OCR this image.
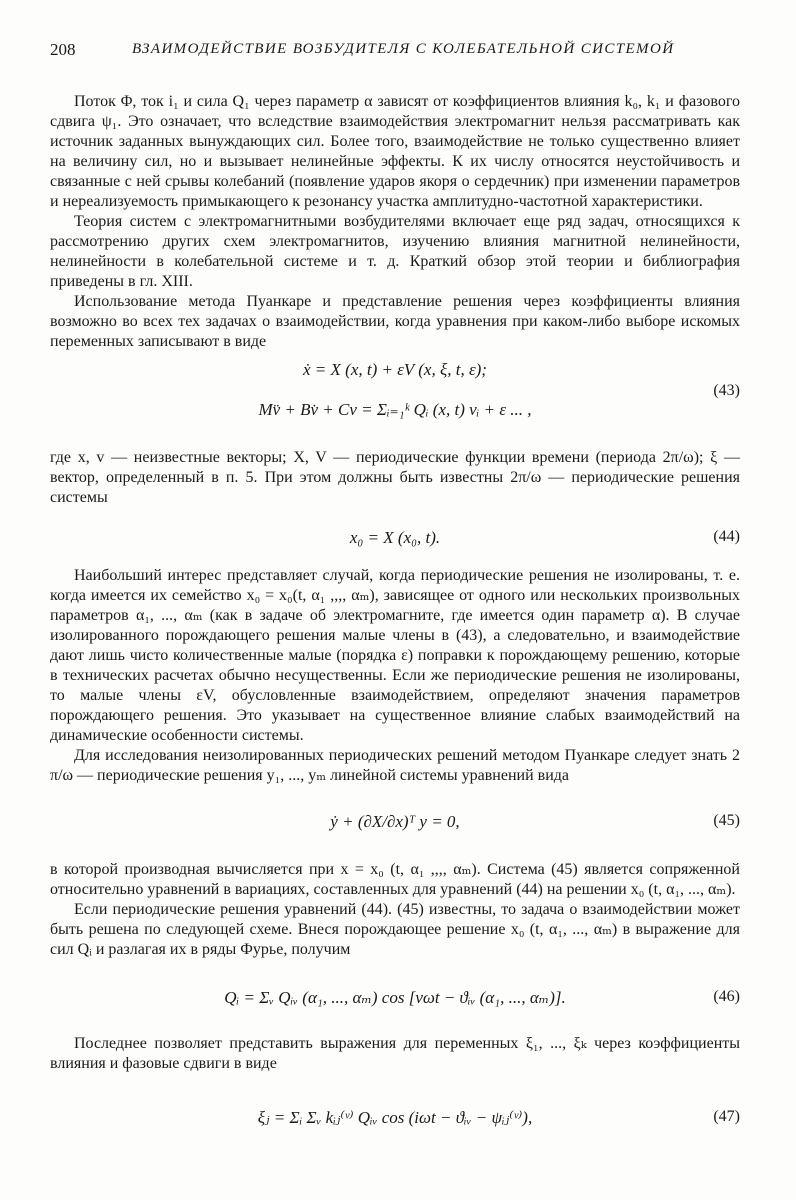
208	ВЗАИМОДЕЙСТВИЕ ВОЗБУДИТЕЛЯ С КОЛЕБАТЕЛЬНОЙ СИСТЕМОЙ

Поток Φ, ток i₁ и сила Q₁ через параметр α зависят от коэффициентов влияния k₀, k₁ и фазового сдвига ψ₁. Это означает, что вследствие взаимодействия электромагнит нельзя рассматривать как источник заданных вынуждающих сил. Более того, взаимодействие не только существенно влияет на величину сил, но и вызывает нелинейные эффекты. К их числу относятся неустойчивость и связанные с ней срывы колебаний (появление ударов якоря о сердечник) при изменении параметров и нереализуемость примыкающего к резонансу участка амплитудно-частотной характеристики.

Теория систем с электромагнитными возбудителями включает еще ряд задач, относящихся к рассмотрению других схем электромагнитов, изучению влияния магнитной нелинейности, нелинейности в колебательной системе и т. д. Краткий обзор этой теории и библиография приведены в гл. XIII.

Использование метода Пуанкаре и представление решения через коэффициенты влияния возможно во всех тех задачах о взаимодействии, когда уравнения при каком-либо выборе искомых переменных записывают в виде

ẋ = X (x, t) + εV (x, ξ, t, ε);
Mv̈ + Bv̇ + Cv = Σᵢ₌₁ᵏ Qᵢ (x, t) vᵢ + ε ... ,
(43)

где x, v — неизвестные векторы; X, V — периодические функции времени (периода 2π/ω); ξ — вектор, определенный в п. 5. При этом должны быть известны 2π/ω — периодические решения системы

x₀ = X (x₀, t).	(44)

Наибольший интерес представляет случай, когда периодические решения не изолированы, т. е. когда имеется их семейство x₀ = x₀(t, α₁ ,,,, αₘ), зависящее от одного или нескольких произвольных параметров α₁, ..., αₘ (как в задаче об электромагните, где имеется один параметр α). В случае изолированного порождающего решения малые члены в (43), а следовательно, и взаимодействие дают лишь чисто количественные малые (порядка ε) поправки к порождающему решению, которые в технических расчетах обычно несущественны. Если же периодические решения не изолированы, то малые члены εV, обусловленные взаимодействием, определяют значения параметров порождающего решения. Это указывает на существенное влияние слабых взаимодействий на динамические особенности системы.

Для исследования неизолированных периодических решений методом Пуанкаре следует знать 2 π/ω — периодические решения y₁, ..., yₘ линейной системы уравнений вида

ẏ + (∂X/∂x)ᵀ y = 0,	(45)

в которой производная вычисляется при x = x₀ (t, α₁ ,,,, αₘ). Система (45) является сопряженной относительно уравнений в вариациях, составленных для уравнений (44) на решении x₀ (t, α₁, ..., αₘ).

Если периодические решения уравнений (44). (45) известны, то задача о взаимодействии может быть решена по следующей схеме. Внеся порождающее решение x₀ (t, α₁, ..., αₘ) в выражение для сил Qᵢ и разлагая их в ряды Фурье, получим

Qᵢ = Σᵥ Qᵢᵥ (α₁, ..., αₘ) cos [νωt − ϑᵢᵥ (α₁, ..., αₘ)].	(46)

Последнее позволяет представить выражения для переменных ξ₁, ..., ξₖ через коэффициенты влияния и фазовые сдвиги в виде

ξⱼ = Σᵢ Σᵥ kᵢⱼ⁽ᵛ⁾ Qᵢᵥ cos (iωt − ϑᵢᵥ − ψᵢⱼ⁽ᵛ⁾),	(47)
